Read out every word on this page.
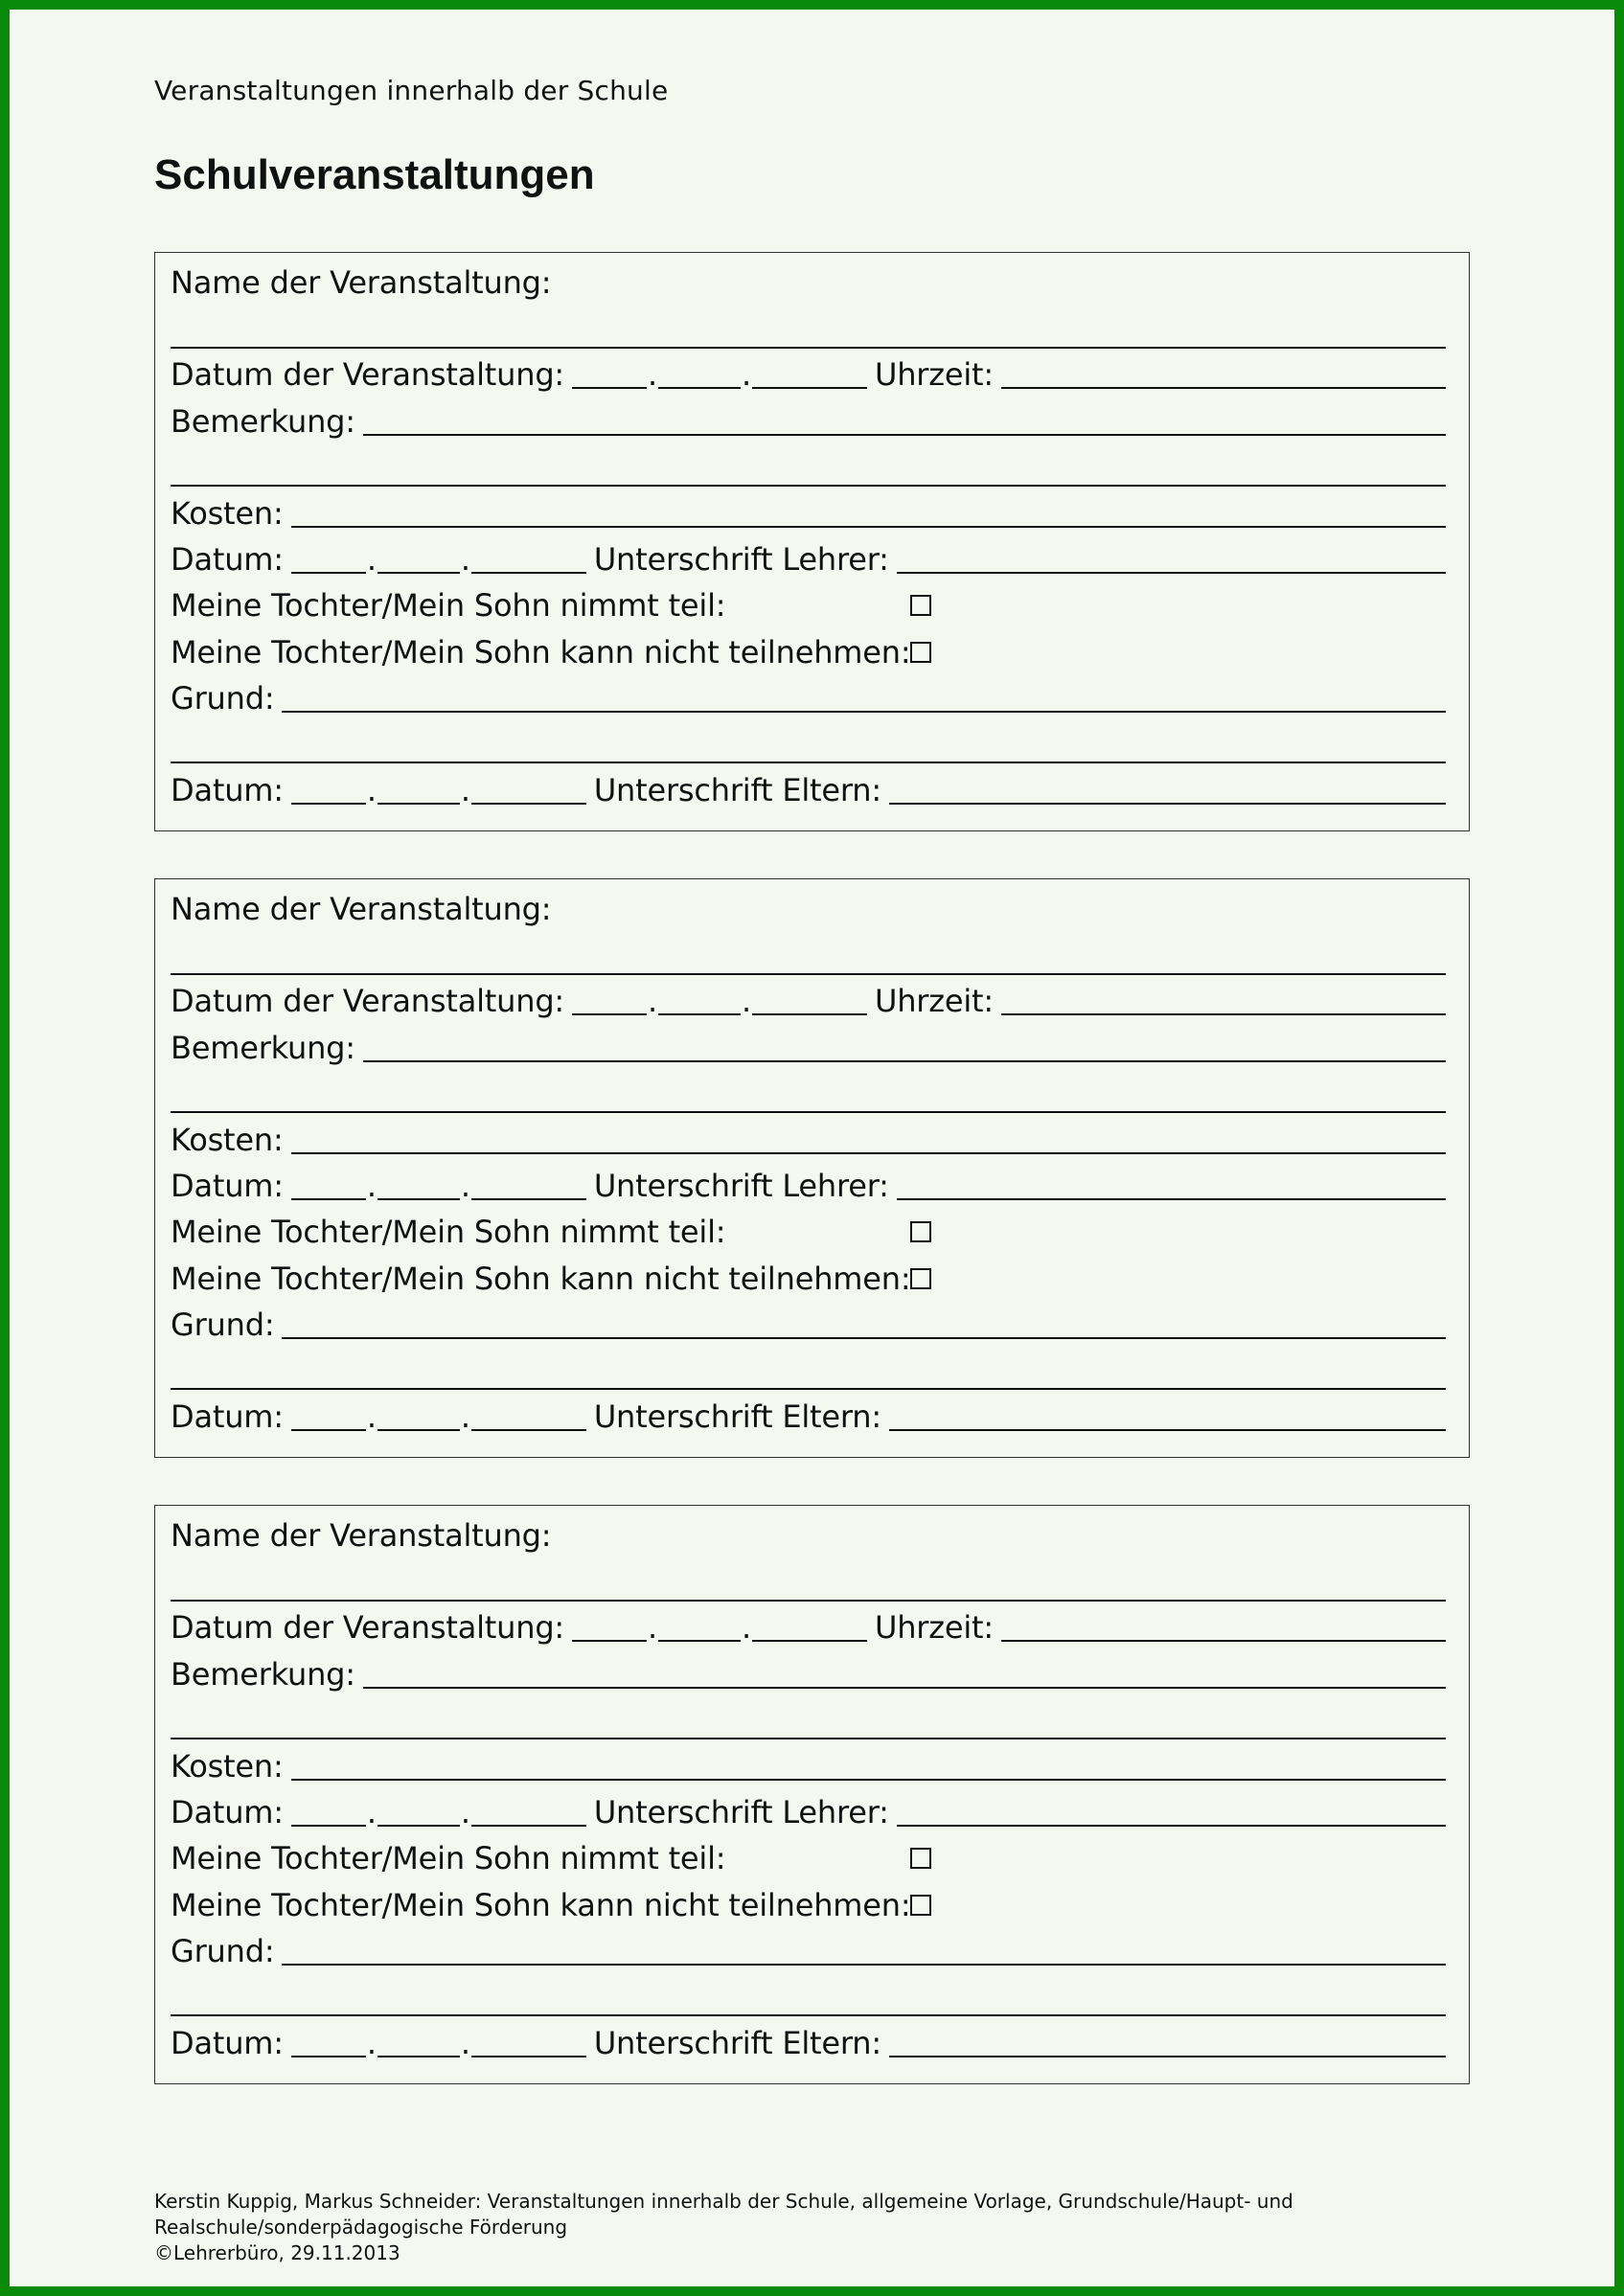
Veranstaltungen innerhalb der Schule
Schulveranstaltungen
Name der Veranstaltung:
Datum der Veranstaltung:	.	.	Uhrzeit:
Bemerkung:
Kosten:
Datum:	.	.	Unterschrift Lehrer:
Meine Tochter/Mein Sohn nimmt teil:
Meine Tochter/Mein Sohn kann nicht teilnehmen:
Grund:
Datum:	.	.	Unterschrift Eltern:
Name der Veranstaltung:
Datum der Veranstaltung:	.	.	Uhrzeit:
Bemerkung:
Kosten:
Datum:	.	.	Unterschrift Lehrer:
Meine Tochter/Mein Sohn nimmt teil:
Meine Tochter/Mein Sohn kann nicht teilnehmen:
Grund:
Datum:	.	.	Unterschrift Eltern:
Name der Veranstaltung:
Datum der Veranstaltung:	.	.	Uhrzeit:
Bemerkung:
Kosten:
Datum:	.	.	Unterschrift Lehrer:
Meine Tochter/Mein Sohn nimmt teil:
Meine Tochter/Mein Sohn kann nicht teilnehmen:
Grund:
Datum:	.	.	Unterschrift Eltern:
Kerstin Kuppig, Markus Schneider: Veranstaltungen innerhalb der Schule, allgemeine Vorlage, Grundschule/Haupt- und
Realschule/sonderpädagogische Förderung
©Lehrerbüro, 29.11.2013
